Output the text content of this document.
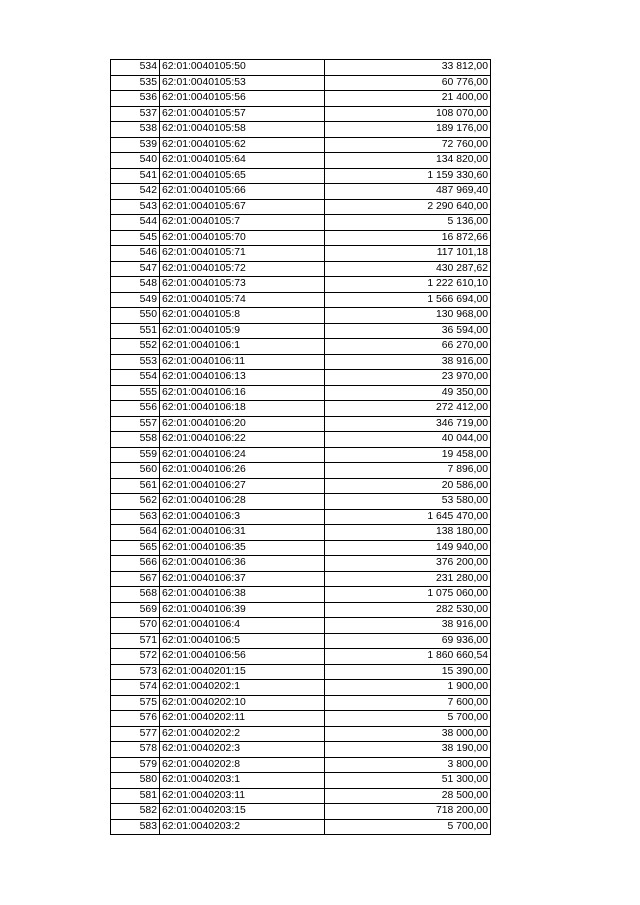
534	62:01:0040105:50	33 812,00
535	62:01:0040105:53	60 776,00
536	62:01:0040105:56	21 400,00
537	62:01:0040105:57	108 070,00
538	62:01:0040105:58	189 176,00
539	62:01:0040105:62	72 760,00
540	62:01:0040105:64	134 820,00
541	62:01:0040105:65	1 159 330,60
542	62:01:0040105:66	487 969,40
543	62:01:0040105:67	2 290 640,00
544	62:01:0040105:7	5 136,00
545	62:01:0040105:70	16 872,66
546	62:01:0040105:71	117 101,18
547	62:01:0040105:72	430 287,62
548	62:01:0040105:73	1 222 610,10
549	62:01:0040105:74	1 566 694,00
550	62:01:0040105:8	130 968,00
551	62:01:0040105:9	36 594,00
552	62:01:0040106:1	66 270,00
553	62:01:0040106:11	38 916,00
554	62:01:0040106:13	23 970,00
555	62:01:0040106:16	49 350,00
556	62:01:0040106:18	272 412,00
557	62:01:0040106:20	346 719,00
558	62:01:0040106:22	40 044,00
559	62:01:0040106:24	19 458,00
560	62:01:0040106:26	7 896,00
561	62:01:0040106:27	20 586,00
562	62:01:0040106:28	53 580,00
563	62:01:0040106:3	1 645 470,00
564	62:01:0040106:31	138 180,00
565	62:01:0040106:35	149 940,00
566	62:01:0040106:36	376 200,00
567	62:01:0040106:37	231 280,00
568	62:01:0040106:38	1 075 060,00
569	62:01:0040106:39	282 530,00
570	62:01:0040106:4	38 916,00
571	62:01:0040106:5	69 936,00
572	62:01:0040106:56	1 860 660,54
573	62:01:0040201:15	15 390,00
574	62:01:0040202:1	1 900,00
575	62:01:0040202:10	7 600,00
576	62:01:0040202:11	5 700,00
577	62:01:0040202:2	38 000,00
578	62:01:0040202:3	38 190,00
579	62:01:0040202:8	3 800,00
580	62:01:0040203:1	51 300,00
581	62:01:0040203:11	28 500,00
582	62:01:0040203:15	718 200,00
583	62:01:0040203:2	5 700,00
